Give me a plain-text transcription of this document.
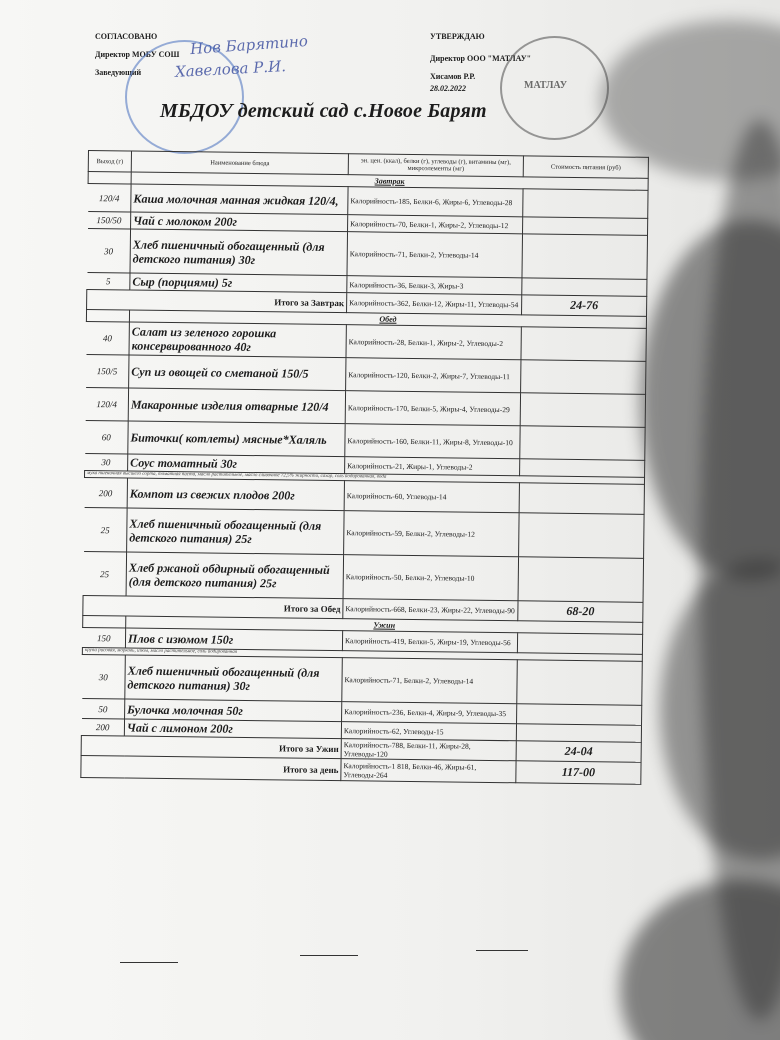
СОГЛАСОВАНО
Директор МОБУ СОШ
Заведующий
Нов Барятино
Хавелова Р.И.
УТВЕРЖДАЮ
Директор ООО "МАТЛАУ"
Хисамов Р.Р.
28.02.2022	МАТЛАУ
МБДОУ детский сад с.Новое Барят
Выход (г)	Наименование блюда	эн. цен. (ккал), белки (г), углеводы (г), витамины (мг), микроэлементы (мг)	Стоимость питания (руб)
	Завтрак		
120/4	Каша молочная манная жидкая 120/4,	Калорийность-185, Белки-6, Жиры-6, Углеводы-28	
150/50	Чай с молоком 200г	Калорийность-70, Белки-1, Жиры-2, Углеводы-12	
30	Хлеб пшеничный обогащенный (для детского питания) 30г	Калорийность-71, Белки-2, Углеводы-14	
5	Сыр (порциями) 5г	Калорийность-36, Белки-3, Жиры-3	
Итого за Завтрак		Калорийность-362, Белки-12, Жиры-11, Углеводы-54	24-76
	Обед		
40	Салат из зеленого горошка консервированного 40г	Калорийность-28, Белки-1, Жиры-2, Углеводы-2	
150/5	Суп из овощей со сметаной 150/5	Калорийность-120, Белки-2, Жиры-7, Углеводы-11	
120/4	Макаронные изделия отварные 120/4	Калорийность-170, Белки-5, Жиры-4, Углеводы-29	
60	Биточки( котлеты) мясные*Халяль	Калорийность-160, Белки-11, Жиры-8, Углеводы-10	
30	Соус томатный 30г	Калорийность-21, Жиры-1, Углеводы-2	
мука пшеничная высшего сорта, томатная паста, масло растительное, масло сливочное 72,5% жирности, сахар, соль йодированная, вода			
200	Компот из свежих плодов 200г	Калорийность-60, Углеводы-14	
25	Хлеб пшеничный обогащенный (для детского питания) 25г	Калорийность-59, Белки-2, Углеводы-12	
25	Хлеб ржаной обдирный обогащенный (для детского питания) 25г	Калорийность-50, Белки-2, Углеводы-10	
Итого за Обед		Калорийность-668, Белки-23, Жиры-22, Углеводы-90	68-20
	Ужин		
150	Плов с изюмом 150г	Калорийность-419, Белки-5, Жиры-19, Углеводы-56	
крупа рисовая, морковь, изюм, масло растительное, соль йодированная			
30	Хлеб пшеничный обогащенный (для детского питания) 30г	Калорийность-71, Белки-2, Углеводы-14	
50	Булочка молочная 50г	Калорийность-236, Белки-4, Жиры-9, Углеводы-35	
200	Чай с лимоном 200г	Калорийность-62, Углеводы-15	
Итого за Ужин		Калорийность-788, Белки-11, Жиры-28, Углеводы-120	24-04
Итого за день		Калорийность-1 818, Белки-46, Жиры-61, Углеводы-264	117-00
